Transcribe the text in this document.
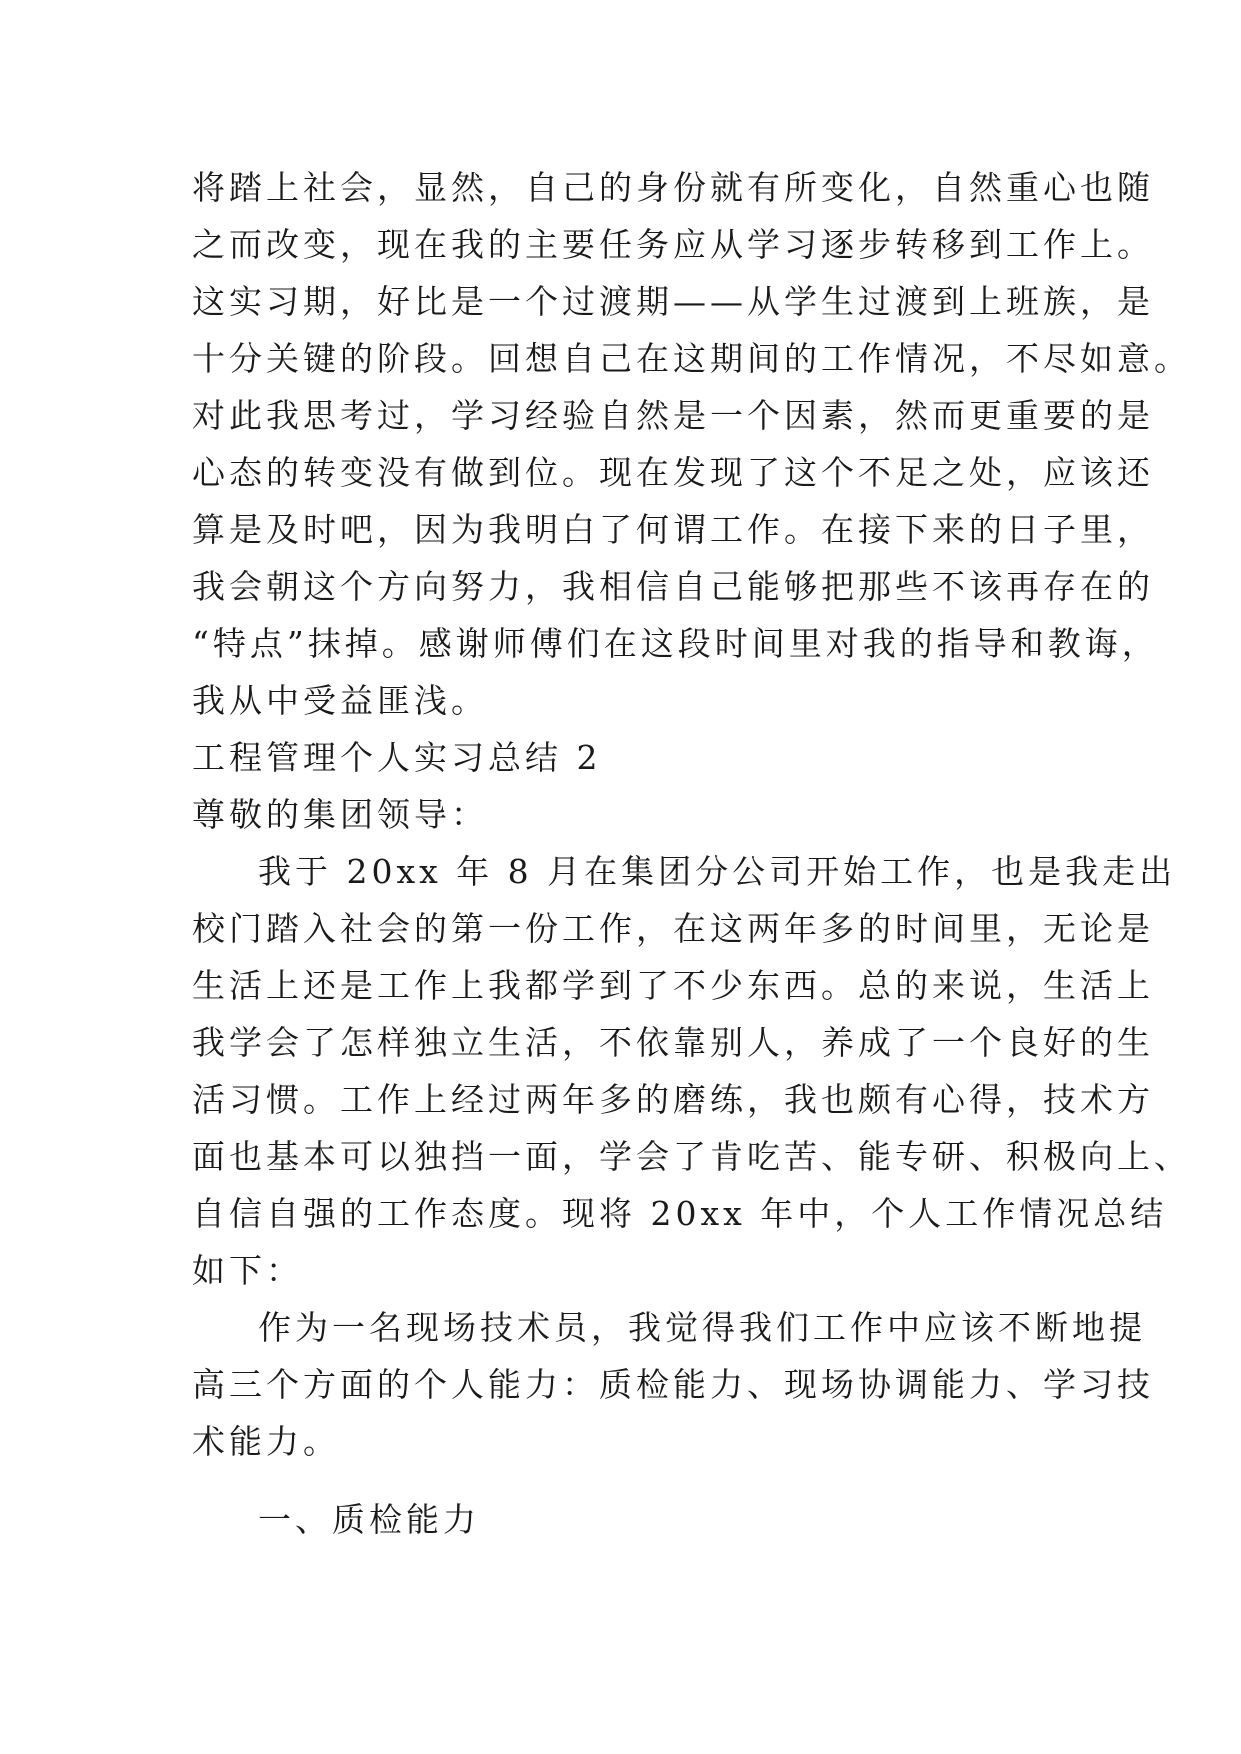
将踏上社会，显然，自己的身份就有所变化，自然重心也随
之而改变，现在我的主要任务应从学习逐步转移到工作上。
这实习期，好比是一个过渡期——从学生过渡到上班族，是
十分关键的阶段。回想自己在这期间的工作情况，不尽如意。
对此我思考过，学习经验自然是一个因素，然而更重要的是
心态的转变没有做到位。现在发现了这个不足之处，应该还
算是及时吧，因为我明白了何谓工作。在接下来的日子里，
我会朝这个方向努力，我相信自己能够把那些不该再存在的
“特点”抹掉。感谢师傅们在这段时间里对我的指导和教诲，
我从中受益匪浅。
工程管理个人实习总结 2
尊敬的集团领导：
我于 20xx 年 8 月在集团分公司开始工作，也是我走出
校门踏入社会的第一份工作，在这两年多的时间里，无论是
生活上还是工作上我都学到了不少东西。总的来说，生活上
我学会了怎样独立生活，不依靠别人，养成了一个良好的生
活习惯。工作上经过两年多的磨练，我也颇有心得，技术方
面也基本可以独挡一面，学会了肯吃苦、能专研、积极向上、
自信自强的工作态度。现将 20xx 年中，个人工作情况总结
如下：
作为一名现场技术员，我觉得我们工作中应该不断地提
高三个方面的个人能力：质检能力、现场协调能力、学习技
术能力。
一、质检能力
